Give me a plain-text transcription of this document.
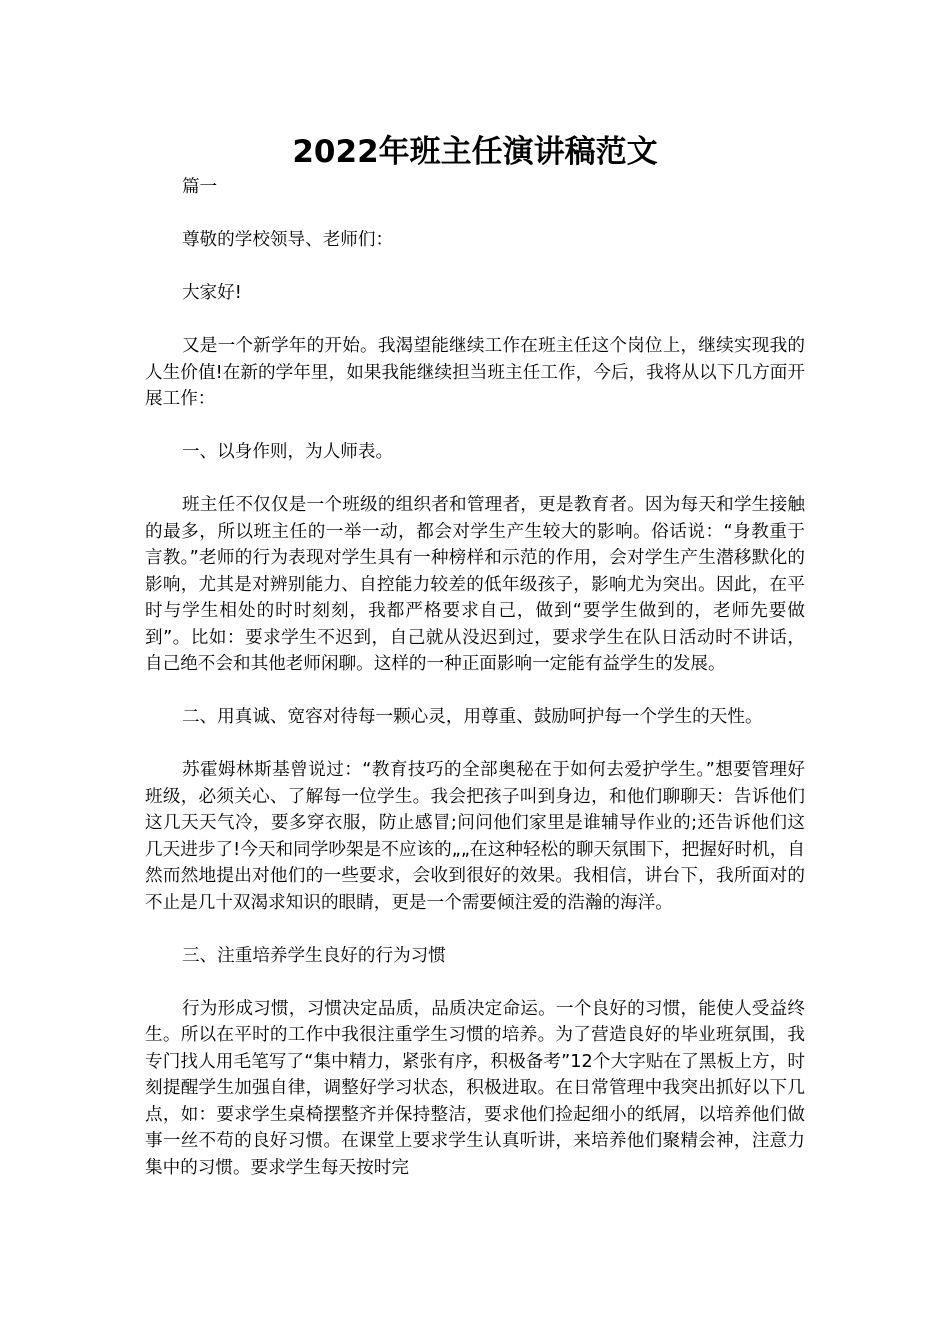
2022年班主任演讲稿范文

篇一

尊敬的学校领导、老师们：

大家好!

又是一个新学年的开始。我渴望能继续工作在班主任这个岗位上，继续实现我的人生价值!在新的学年里，如果我能继续担当班主任工作，今后，我将从以下几方面开展工作：

一、以身作则，为人师表。

班主任不仅仅是一个班级的组织者和管理者，更是教育者。因为每天和学生接触的最多，所以班主任的一举一动，都会对学生产生较大的影响。俗话说：“身教重于言教。”老师的行为表现对学生具有一种榜样和示范的作用，会对学生产生潜移默化的影响，尤其是对辨别能力、自控能力较差的低年级孩子，影响尤为突出。因此，在平时与学生相处的时时刻刻，我都严格要求自己，做到“要学生做到的，老师先要做到”。比如：要求学生不迟到，自己就从没迟到过，要求学生在队日活动时不讲话，自己绝不会和其他老师闲聊。这样的一种正面影响一定能有益学生的发展。

二、用真诚、宽容对待每一颗心灵，用尊重、鼓励呵护每一个学生的天性。

苏霍姆林斯基曾说过：“教育技巧的全部奥秘在于如何去爱护学生。”想要管理好班级，必须关心、了解每一位学生。我会把孩子叫到身边，和他们聊聊天：告诉他们这几天天气冷，要多穿衣服，防止感冒;问问他们家里是谁辅导作业的;还告诉他们这几天进步了!今天和同学吵架是不应该的„„在这种轻松的聊天氛围下，把握好时机，自然而然地提出对他们的一些要求，会收到很好的效果。我相信，讲台下，我所面对的不止是几十双渴求知识的眼睛，更是一个需要倾注爱的浩瀚的海洋。

三、注重培养学生良好的行为习惯

行为形成习惯，习惯决定品质，品质决定命运。一个良好的习惯，能使人受益终生。所以在平时的工作中我很注重学生习惯的培养。为了营造良好的毕业班氛围，我专门找人用毛笔写了“集中精力，紧张有序，积极备考”12个大字贴在了黑板上方，时刻提醒学生加强自律，调整好学习状态，积极进取。在日常管理中我突出抓好以下几点，如：要求学生桌椅摆整齐并保持整洁，要求他们捡起细小的纸屑，以培养他们做事一丝不苟的良好习惯。在课堂上要求学生认真听讲，来培养他们聚精会神，注意力集中的习惯。要求学生每天按时完
